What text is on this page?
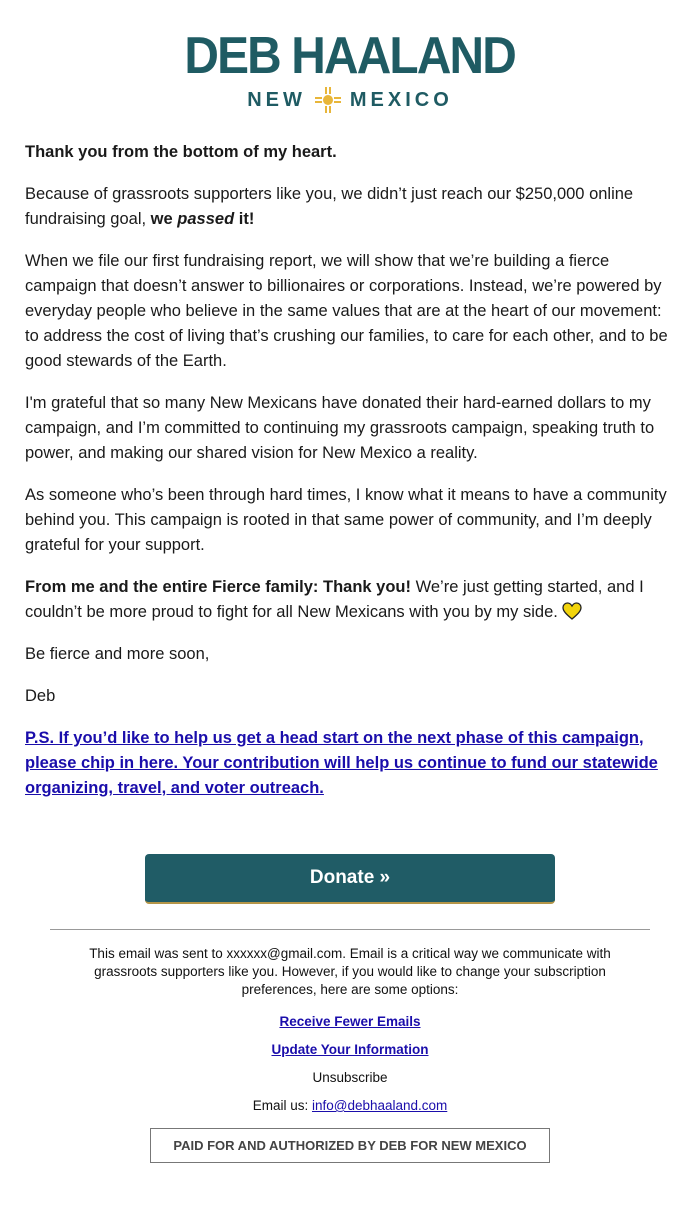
DEB HAALAND
NEW MEXICO

Thank you from the bottom of my heart.

Because of grassroots supporters like you, we didn’t just reach our $250,000 online fundraising goal, we passed it!

When we file our first fundraising report, we will show that we’re building a fierce campaign that doesn’t answer to billionaires or corporations. Instead, we’re powered by everyday people who believe in the same values that are at the heart of our movement: to address the cost of living that’s crushing our families, to care for each other, and to be good stewards of the Earth.

I'm grateful that so many New Mexicans have donated their hard-earned dollars to my campaign, and I’m committed to continuing my grassroots campaign, speaking truth to power, and making our shared vision for New Mexico a reality.

As someone who’s been through hard times, I know what it means to have a community behind you. This campaign is rooted in that same power of community, and I’m deeply grateful for your support.

From me and the entire Fierce family: Thank you! We’re just getting started, and I couldn’t be more proud to fight for all New Mexicans with you by my side.

Be fierce and more soon,

Deb

P.S. If you’d like to help us get a head start on the next phase of this campaign, please chip in here. Your contribution will help us continue to fund our statewide organizing, travel, and voter outreach.

Donate »
This email was sent to xxxxxx@gmail.com. Email is a critical way we communicate with grassroots supporters like you. However, if you would like to change your subscription preferences, here are some options:
Receive Fewer Emails
Update Your Information
Unsubscribe
Email us: info@debhaaland.com
PAID FOR AND AUTHORIZED BY DEB FOR NEW MEXICO
